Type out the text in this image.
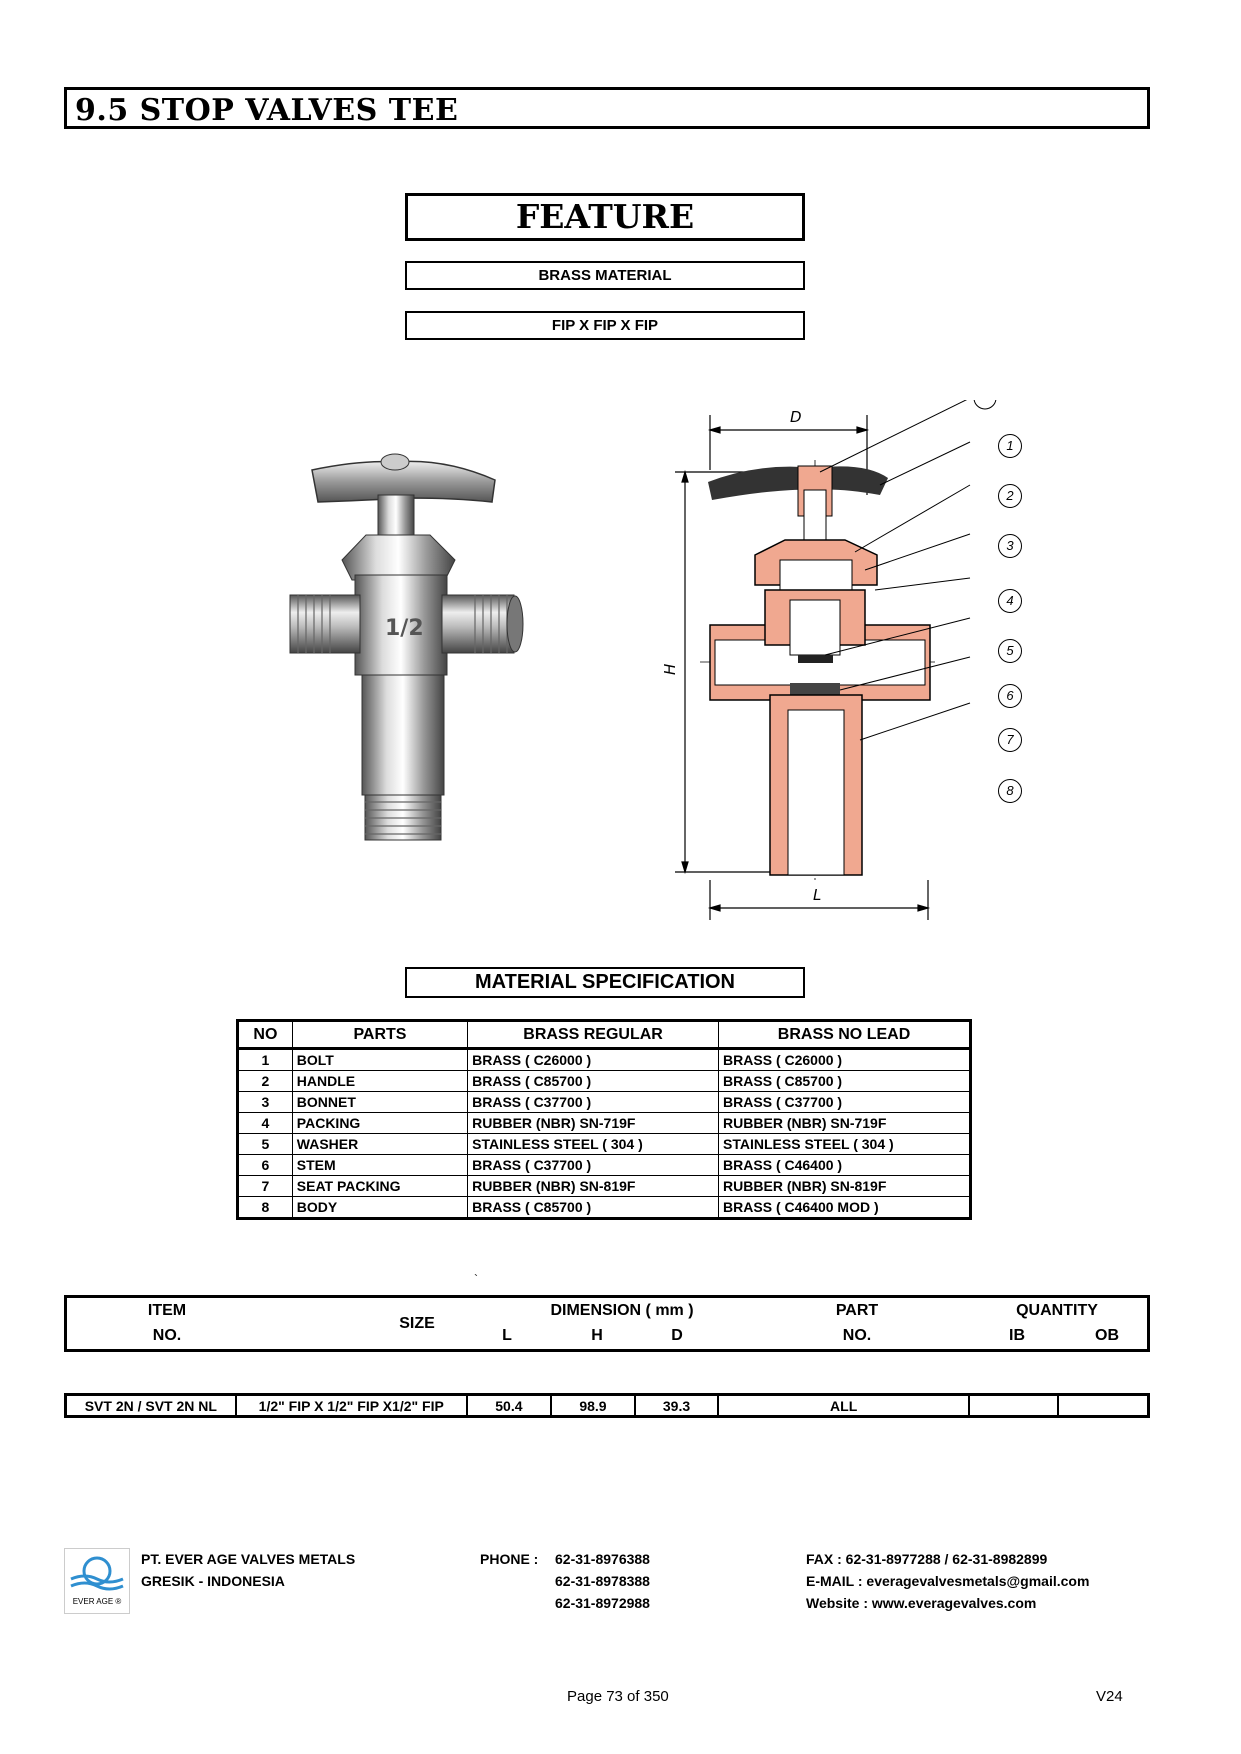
9.5 STOP VALVES TEE
FEATURE
BRASS MATERIAL
FIP X FIP X FIP
1/2
D
H
L
1
2
3
4
5
6
7
8
MATERIAL SPECIFICATION
NO	PARTS	BRASS REGULAR	BRASS NO LEAD
1	BOLT	BRASS ( C26000 )	BRASS ( C26000 )
2	HANDLE	BRASS ( C85700 )	BRASS ( C85700 )
3	BONNET	BRASS ( C37700 )	BRASS ( C37700 )
4	PACKING	RUBBER (NBR) SN-719F	RUBBER (NBR) SN-719F
5	WASHER	STAINLESS STEEL ( 304 )	STAINLESS STEEL ( 304 )
6	STEM	BRASS ( C37700 )	BRASS ( C46400 )
7	SEAT PACKING	RUBBER (NBR) SN-819F	RUBBER (NBR) SN-819F
8	BODY	BRASS ( C85700 )	BRASS ( C46400 MOD )
`
ITEM
NO.
SIZE
DIMENSION ( mm )
L	H	D
PART
NO.
QUANTITY
IB	OB
SVT 2N / SVT 2N NL	1/2" FIP X 1/2" FIP X1/2" FIP	50.4	98.9	39.3	ALL		
EVER AGE ®
PT. EVER AGE VALVES METALS
GRESIK - INDONESIA
PHONE : 62-31-8976388
62-31-8978388
62-31-8972988
FAX : 62-31-8977288 / 62-31-8982899
E-MAIL : everagevalvesmetals@gmail.com
Website : www.everagevalves.com
Page 73 of 350	V24
